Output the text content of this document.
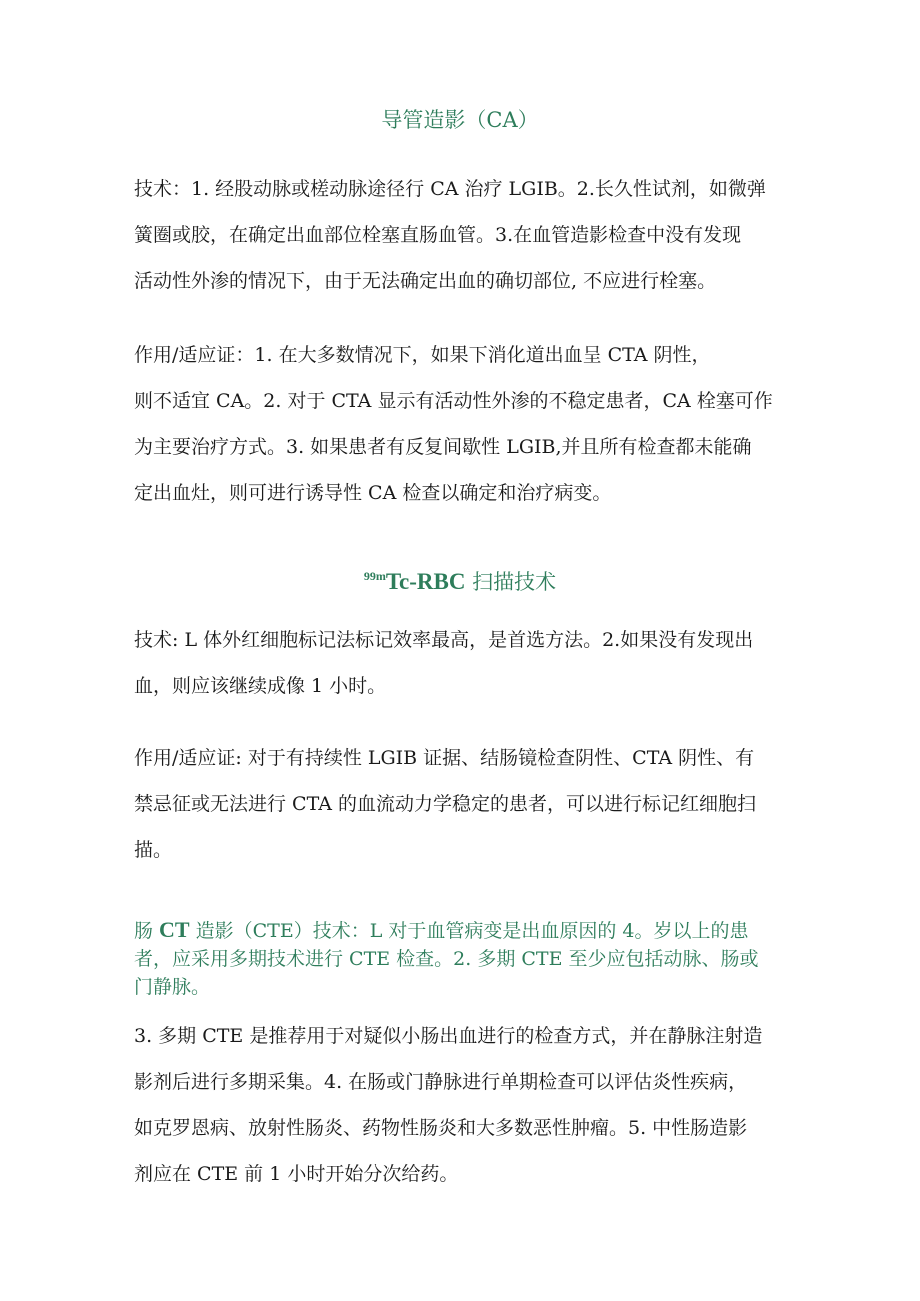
导管造影（CA）

技术：1. 经股动脉或槎动脉途径行 CA 治疗 LGIB。2.长久性试剂，如微弹
簧圈或胶，在确定出血部位栓塞直肠血管。3.在血管造影检查中没有发现
活动性外渗的情况下，由于无法确定出血的确切部位, 不应进行栓塞。

作用/适应证：1. 在大多数情况下，如果下消化道出血呈 CTA 阴性，
则不适宜 CA。2. 对于 CTA 显示有活动性外渗的不稳定患者，CA 栓塞可作
为主要治疗方式。3. 如果患者有反复间歇性 LGIB,并且所有检查都未能确
定出血灶，则可进行诱导性 CA 检查以确定和治疗病变。

$^{99m}$Tc-RBC 扫描技术

技术: L 体外红细胞标记法标记效率最高，是首选方法。2.如果没有发现出
血，则应该继续成像 1 小时。

作用/适应证: 对于有持续性 LGIB 证据、结肠镜检查阴性、CTA 阴性、有
禁忌征或无法进行 CTA 的血流动力学稳定的患者，可以进行标记红细胞扫
描。

肠 CT 造影（CTE）技术：L 对于血管病变是出血原因的 4。岁以上的患
者，应采用多期技术进行 CTE 检查。2. 多期 CTE 至少应包括动脉、肠或
门静脉。

3. 多期 CTE 是推荐用于对疑似小肠出血进行的检查方式，并在静脉注射造
影剂后进行多期采集。4. 在肠或门静脉进行单期检查可以评估炎性疾病，
如克罗恩病、放射性肠炎、药物性肠炎和大多数恶性肿瘤。5. 中性肠造影
剂应在 CTE 前 1 小时开始分次给药。
